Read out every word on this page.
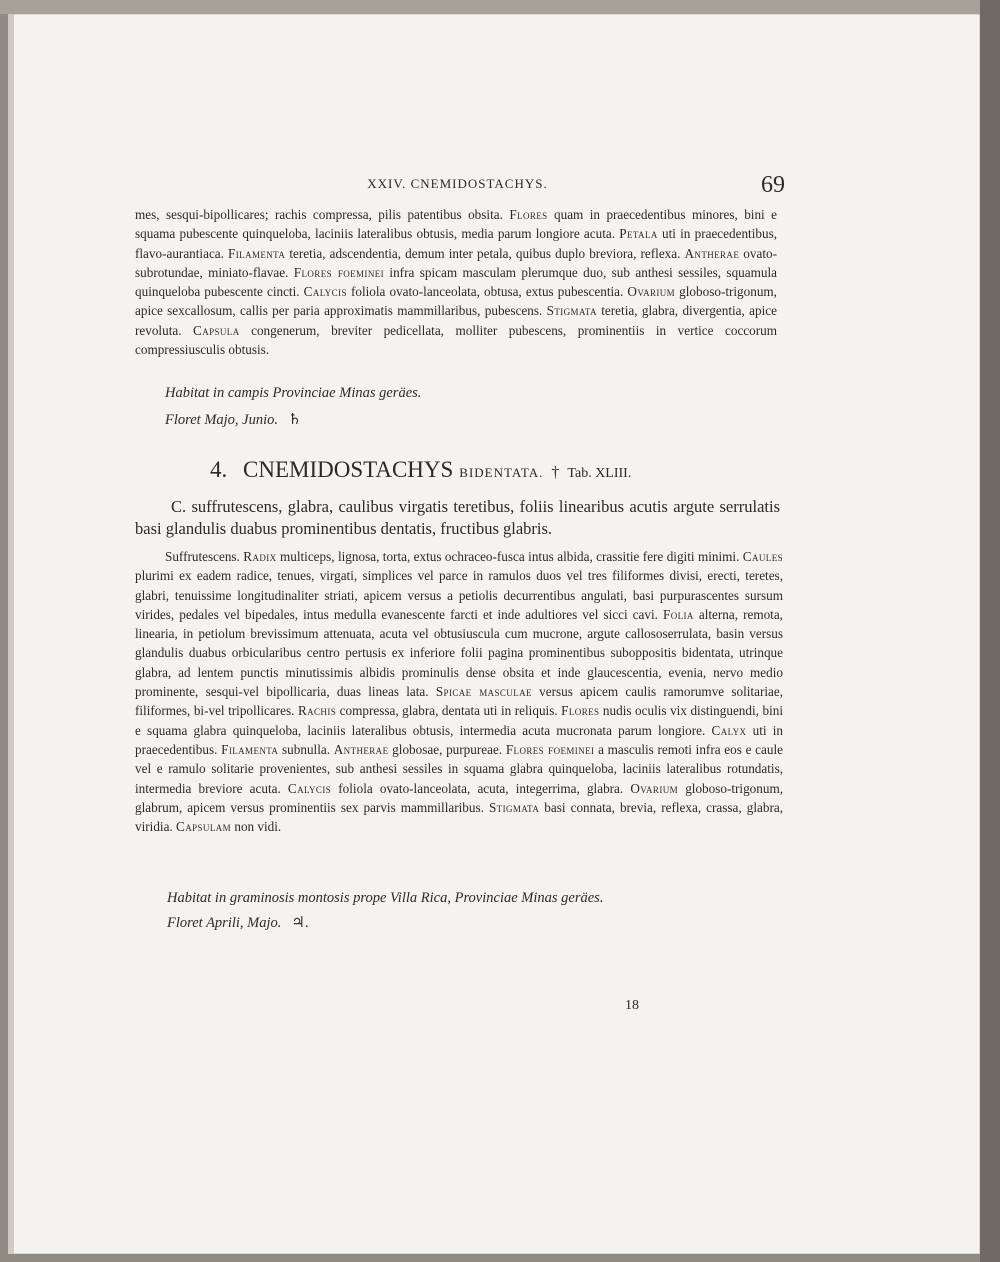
XXIV. CNEMIDOSTACHYS.	69

mes, sesqui-bipollicares; rachis compressa, pilis patentibus obsita. Flores quam in praecedentibus minores, bini e squama pubescente quinqueloba, laciniis lateralibus obtusis, media parum longiore acuta. Petala uti in praecedentibus, flavo-aurantiaca. Filamenta teretia, adscendentia, demum inter petala, quibus duplo breviora, reflexa. Antherae ovato-subrotundae, miniato-flavae. Flores foeminei infra spicam masculam plerumque duo, sub anthesi sessiles, squamula quinqueloba pubescente cincti. Calycis foliola ovato-lanceolata, obtusa, extus pubescentia. Ovarium globoso-trigonum, apice sexcallosum, callis per paria approximatis mammillaribus, pubescens. Stigmata teretia, glabra, divergentia, apice revoluta. Capsula congenerum, breviter pedicellata, molliter pubescens, prominentiis in vertice coccorum compressiusculis obtusis.

Habitat in campis Provinciae Minas geräes.
Floret Majo, Junio. ♄
4. CNEMIDOSTACHYS BIDENTATA. † Tab. XLIII.

C. suffrutescens, glabra, caulibus virgatis teretibus, foliis linearibus acutis argute serrulatis basi glandulis duabus prominentibus dentatis, fructibus glabris.

Suffrutescens. Radix multiceps, lignosa, torta, extus ochraceo-fusca intus albida, crassitie fere digiti minimi. Caules plurimi ex eadem radice, tenues, virgati, simplices vel parce in ramulos duos vel tres filiformes divisi, erecti, teretes, glabri, tenuissime longitudinaliter striati, apicem versus a petiolis decurrentibus angulati, basi purpurascentes sursum virides, pedales vel bipedales, intus medulla evanescente farcti et inde adultiores vel sicci cavi. Folia alterna, remota, linearia, in petiolum brevissimum attenuata, acuta vel obtusiuscula cum mucrone, argute callososerrulata, basin versus glandulis duabus orbicularibus centro pertusis ex inferiore folii pagina prominentibus suboppositis bidentata, utrinque glabra, ad lentem punctis minutissimis albidis prominulis dense obsita et inde glaucescentia, evenia, nervo medio prominente, sesqui-vel bipollicaria, duas lineas lata. Spicae masculae versus apicem caulis ramorumve solitariae, filiformes, bi-vel tripollicares. Rachis compressa, glabra, dentata uti in reliquis. Flores nudis oculis vix distinguendi, bini e squama glabra quinqueloba, laciniis lateralibus obtusis, intermedia acuta mucronata parum longiore. Calyx uti in praecedentibus. Filamenta subnulla. Antherae globosae, purpureae. Flores foeminei a masculis remoti infra eos e caule vel e ramulo solitarie provenientes, sub anthesi sessiles in squama glabra quinqueloba, laciniis lateralibus rotundatis, intermedia breviore acuta. Calycis foliola ovato-lanceolata, acuta, integerrima, glabra. Ovarium globoso-trigonum, glabrum, apicem versus prominentiis sex parvis mammillaribus. Stigmata basi connata, brevia, reflexa, crassa, glabra, viridia. Capsulam non vidi.

Habitat in graminosis montosis prope Villa Rica, Provinciae Minas geräes.
Floret Aprili, Majo. ♃.
18
